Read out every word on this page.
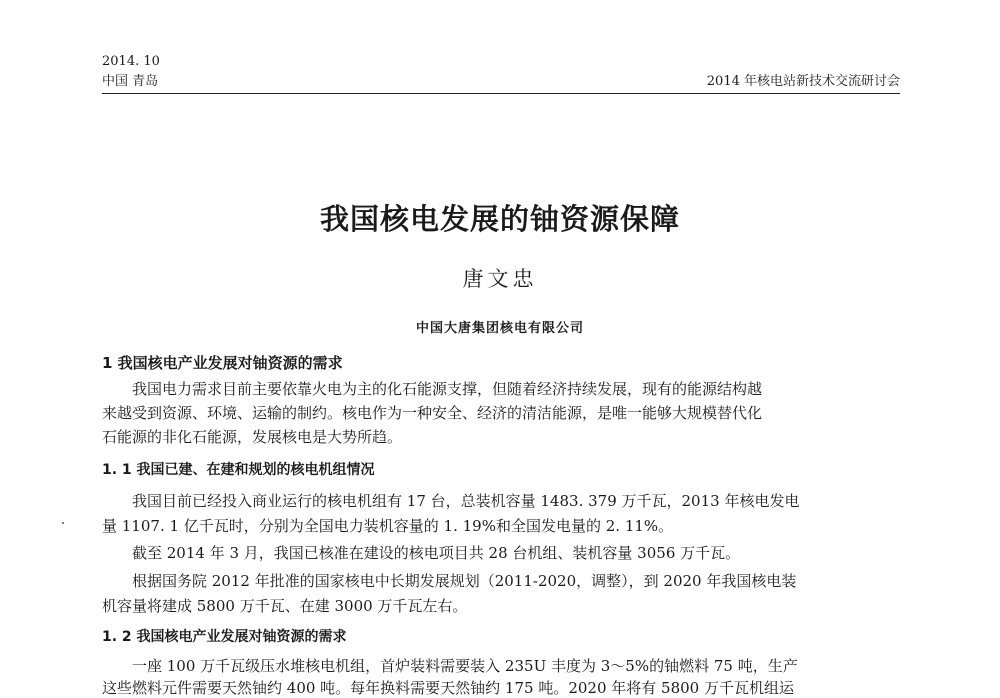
2014. 10
中国 青岛	2014 年核电站新技术交流研讨会
我国核电发展的铀资源保障
唐文忠
中国大唐集团核电有限公司
1 我国核电产业发展对铀资源的需求
我国电力需求目前主要依靠火电为主的化石能源支撑，但随着经济持续发展，现有的能源结构越
来越受到资源、环境、运输的制约。核电作为一种安全、经济的清洁能源，是唯一能够大规模替代化
石能源的非化石能源，发展核电是大势所趋。
1. 1 我国已建、在建和规划的核电机组情况
我国目前已经投入商业运行的核电机组有 17 台，总装机容量 1483. 379 万千瓦，2013 年核电发电
量 1107. 1 亿千瓦时，分别为全国电力装机容量的 1. 19%和全国发电量的 2. 11%。
截至 2014 年 3 月，我国已核准在建设的核电项目共 28 台机组、装机容量 3056 万千瓦。
根据国务院 2012 年批准的国家核电中长期发展规划（2011-2020，调整），到 2020 年我国核电装
机容量将建成 5800 万千瓦、在建 3000 万千瓦左右。
1. 2 我国核电产业发展对铀资源的需求
一座 100 万千瓦级压水堆核电机组，首炉装料需要装入 235U 丰度为 3～5%的铀燃料 75 吨，生产
这些燃料元件需要天然铀约 400 吨。每年换料需要天然铀约 175 吨。2020 年将有 5800 万千瓦机组运
